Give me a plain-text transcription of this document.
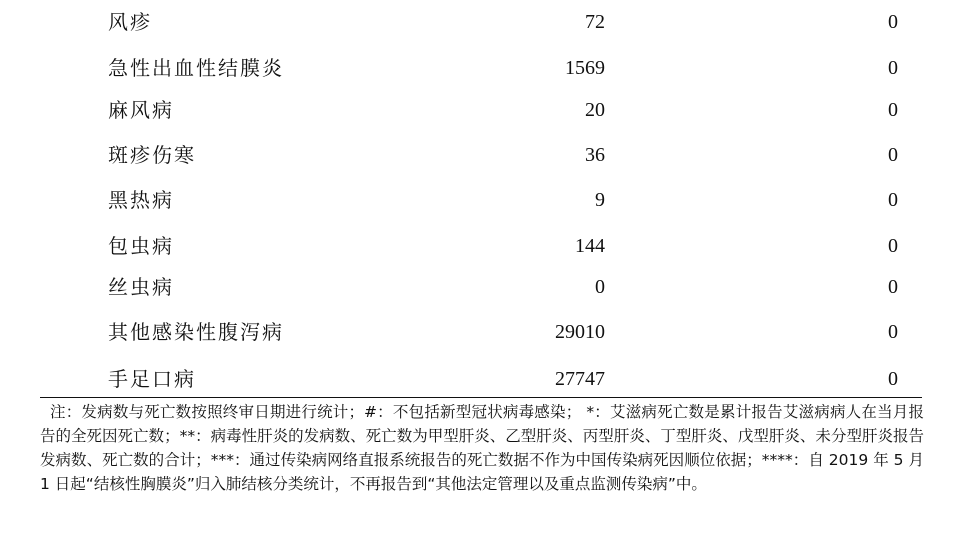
风疹	72	0
急性出血性结膜炎	1569	0
麻风病	20	0
斑疹伤寒	36	0
黑热病	9	0
包虫病	144	0
丝虫病	0	0
其他感染性腹泻病	29010	0
手足口病	27747	0
注：发病数与死亡数按照终审日期进行统计；#：不包括新型冠状病毒感染； *：艾滋病死亡数是累计报告艾滋病病人在当月报告的全死因死亡数；**：病毒性肝炎的发病数、死亡数为甲型肝炎、乙型肝炎、丙型肝炎、丁型肝炎、戊型肝炎、未分型肝炎报告发病数、死亡数的合计；***：通过传染病网络直报系统报告的死亡数据不作为中国传染病死因顺位依据；****：自 2019 年 5 月 1 日起“结核性胸膜炎”归入肺结核分类统计，不再报告到“其他法定管理以及重点监测传染病”中。
